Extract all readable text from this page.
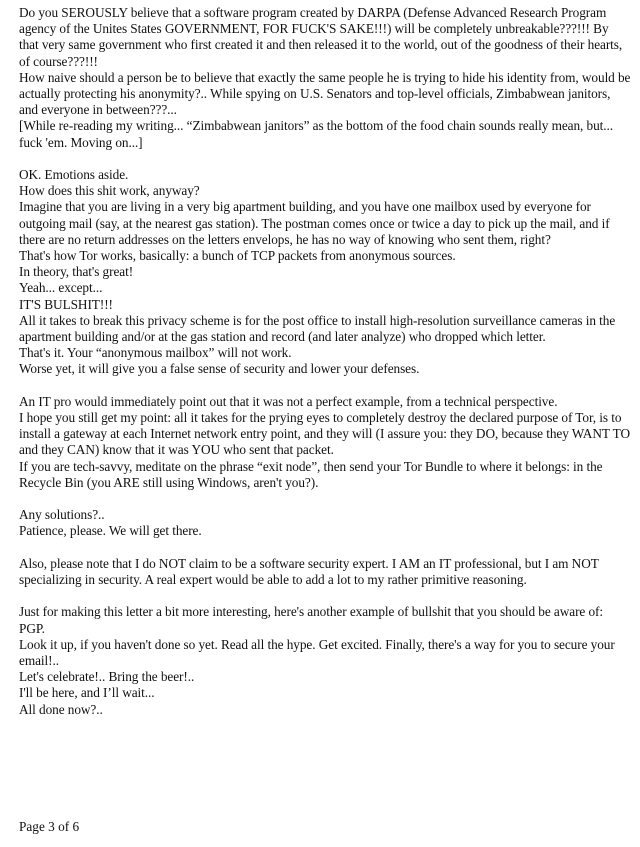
Do you SEROUSLY believe that a software program created by DARPA (Defense Advanced Research Program agency of the Unites States GOVERNMENT, FOR FUCK'S SAKE!!!) will be completely unbreakable???!!! By that very same government who first created it and then released it to the world, out of the goodness of their hearts, of course???!!!
How naive should a person be to believe that exactly the same people he is trying to hide his identity from, would be actually protecting his anonymity?.. While spying on U.S. Senators and top-level officials, Zimbabwean janitors, and everyone in between???...
[While re-reading my writing... “Zimbabwean janitors” as the bottom of the food chain sounds really mean, but... fuck 'em. Moving on...]
OK. Emotions aside.
How does this shit work, anyway?
Imagine that you are living in a very big apartment building, and you have one mailbox used by everyone for outgoing mail (say, at the nearest gas station). The postman comes once or twice a day to pick up the mail, and if there are no return addresses on the letters envelops, he has no way of knowing who sent them, right?
That's how Tor works, basically: a bunch of TCP packets from anonymous sources.
In theory, that's great!
Yeah... except...
IT'S BULSHIT!!!
All it takes to break this privacy scheme is for the post office to install high-resolution surveillance cameras in the apartment building and/or at the gas station and record (and later analyze) who dropped which letter.
That's it. Your “anonymous mailbox” will not work.
Worse yet, it will give you a false sense of security and lower your defenses.
An IT pro would immediately point out that it was not a perfect example, from a technical perspective.
I hope you still get my point: all it takes for the prying eyes to completely destroy the declared purpose of Tor, is to install a gateway at each Internet network entry point, and they will (I assure you: they DO, because they WANT TO and they CAN) know that it was YOU who sent that packet.
If you are tech-savvy, meditate on the phrase “exit node”, then send your Tor Bundle to where it belongs: in the Recycle Bin (you ARE still using Windows, aren't you?).
Any solutions?..
Patience, please. We will get there.
Also, please note that I do NOT claim to be a software security expert. I AM an IT professional, but I am NOT specializing in security. A real expert would be able to add a lot to my rather primitive reasoning.
Just for making this letter a bit more interesting, here's another example of bullshit that you should be aware of: PGP.
Look it up, if you haven't done so yet. Read all the hype. Get excited. Finally, there's a way for you to secure your email!..
Let's celebrate!.. Bring the beer!..
I'll be here, and I’ll wait...
All done now?..
Page 3 of 6
